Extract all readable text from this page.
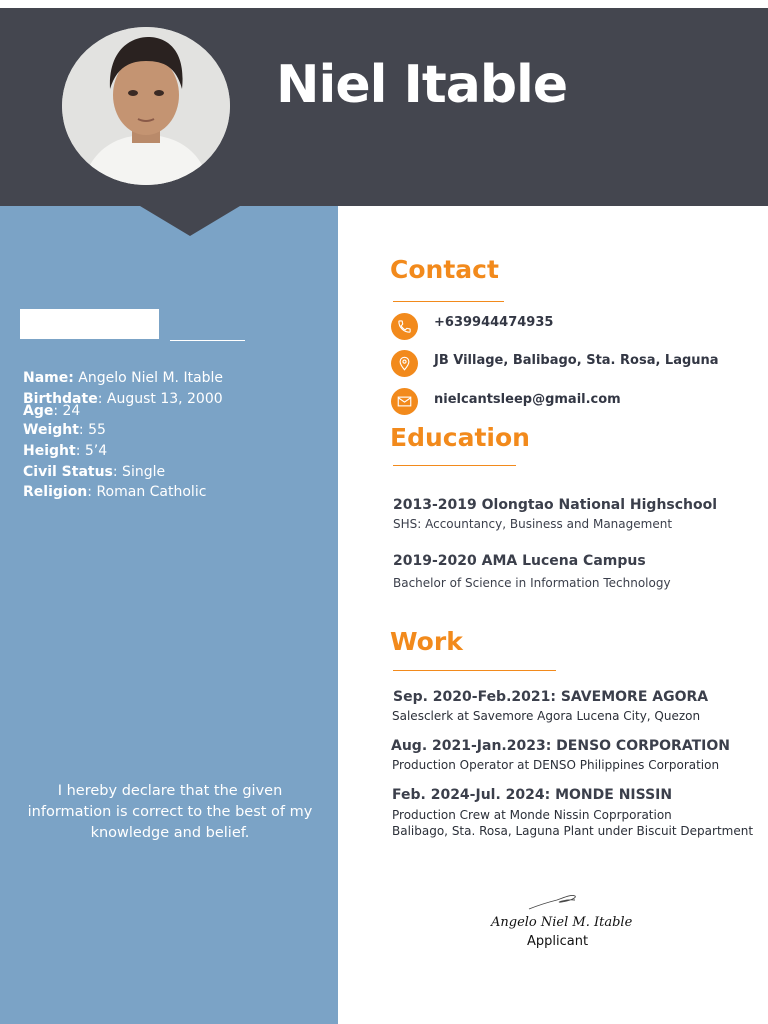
Niel Itable
Name: Angelo Niel M. Itable
Birthdate: August 13, 2000
Age: 24
Weight: 55
Height: 5’4
Civil Status: Single
Religion: Roman Catholic
I hereby declare that the given information is correct to the best of my knowledge and belief.
Contact
+639944474935
JB Village, Balibago, Sta. Rosa, Laguna
nielcantsleep@gmail.com
Education
2013-2019 Olongtao National Highschool
SHS: Accountancy, Business and Management
2019-2020 AMA Lucena Campus
Bachelor of Science in Information Technology
Work
Sep. 2020-Feb.2021: SAVEMORE AGORA
Salesclerk at Savemore Agora Lucena City, Quezon
Aug. 2021-Jan.2023: DENSO CORPORATION
Production Operator at DENSO Philippines Corporation
Feb. 2024-Jul. 2024: MONDE NISSIN
Production Crew at Monde Nissin Coprporation
Balibago, Sta. Rosa, Laguna Plant under Biscuit Department
Angelo Niel M. Itable
Applicant
